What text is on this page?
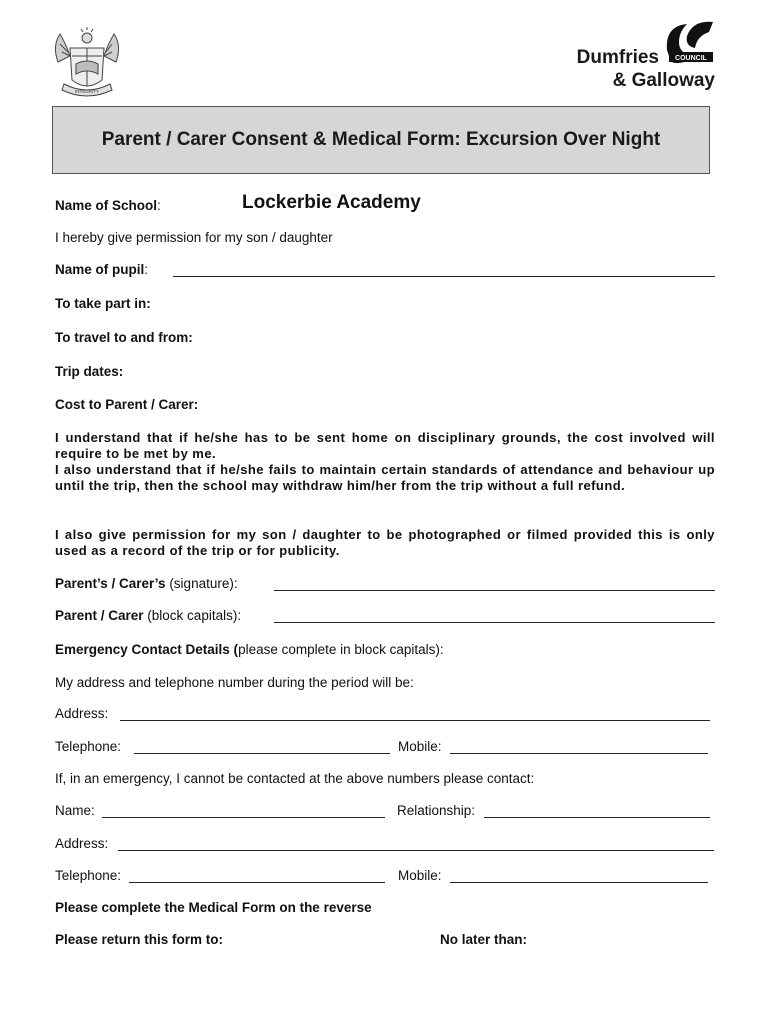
INTEGRITY
COUNCIL
Dumfries
& Galloway
Parent / Carer Consent & Medical Form: Excursion Over Night
Name of School:	Lockerbie Academy
I hereby give permission for my son / daughter
Name of pupil:
To take part in:
To travel to and from:
Trip dates:
Cost to Parent / Carer:
I understand that if he/she has to be sent home on disciplinary grounds, the cost involved will require to be met by me.
I also understand that if he/she fails to maintain certain standards of attendance and behaviour up until the trip, then the school may withdraw him/her from the trip without a full refund.
I also give permission for my son / daughter to be photographed or filmed provided this is only used as a record of the trip or for publicity.
Parent’s / Carer’s (signature):
Parent / Carer (block capitals):
Emergency Contact Details (please complete in block capitals):
My address and telephone number during the period will be:
Address:
Telephone:	Mobile:
If, in an emergency, I cannot be contacted at the above numbers please contact:
Name:	Relationship:
Address:
Telephone:	Mobile:
Please complete the Medical Form on the reverse
Please return this form to:	No later than:
